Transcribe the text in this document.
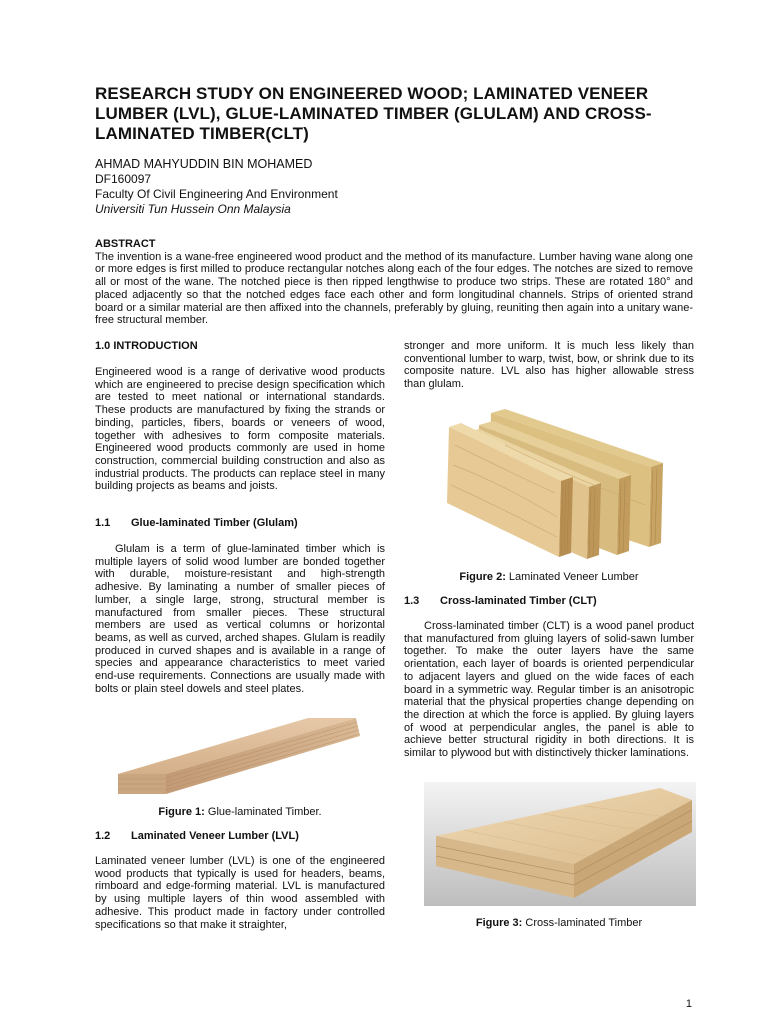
RESEARCH STUDY ON ENGINEERED WOOD; LAMINATED VENEER LUMBER (LVL), GLUE-LAMINATED TIMBER (GLULAM) AND CROSS-LAMINATED TIMBER(CLT)
AHMAD MAHYUDDIN BIN MOHAMED
DF160097
Faculty Of Civil Engineering And Environment
Universiti Tun Hussein Onn Malaysia
ABSTRACT

The invention is a wane-free engineered wood product and the method of its manufacture. Lumber having wane along one or more edges is first milled to produce rectangular notches along each of the four edges. The notches are sized to remove all or most of the wane. The notched piece is then ripped lengthwise to produce two strips. These are rotated 180° and placed adjacently so that the notched edges face each other and form longitudinal channels. Strips of oriented strand board or a similar material are then affixed into the channels, preferably by gluing, reuniting then again into a unitary wane-free structural member.

1.0 INTRODUCTION

Engineered wood is a range of derivative wood products which are engineered to precise design specification which are tested to meet national or international standards. These products are manufactured by fixing the strands or binding, particles, fibers, boards or veneers of wood, together with adhesives to form composite materials. Engineered wood products commonly are used in home construction, commercial building construction and also as industrial products. The products can replace steel in many building projects as beams and joists.

1.1 Glue-laminated Timber (Glulam)

Glulam is a term of glue-laminated timber which is multiple layers of solid wood lumber are bonded together with durable, moisture-resistant and high-strength adhesive. By laminating a number of smaller pieces of lumber, a single large, strong, structural member is manufactured from smaller pieces. These structural members are used as vertical columns or horizontal beams, as well as curved, arched shapes. Glulam is readily produced in curved shapes and is available in a range of species and appearance characteristics to meet varied end-use requirements. Connections are usually made with bolts or plain steel dowels and steel plates.

Figure 1: Glue-laminated Timber.
1.2 Laminated Veneer Lumber (LVL)

Laminated veneer lumber (LVL) is one of the engineered wood products that typically is used for headers, beams, rimboard and edge-forming material. LVL is manufactured by using multiple layers of thin wood assembled with adhesive. This product made in factory under controlled specifications so that make it straighter,

stronger and more uniform. It is much less likely than conventional lumber to warp, twist, bow, or shrink due to its composite nature. LVL also has higher allowable stress than glulam.

Figure 2: Laminated Veneer Lumber
1.3 Cross-laminated Timber (CLT)

Cross-laminated timber (CLT) is a wood panel product that manufactured from gluing layers of solid-sawn lumber together. To make the outer layers have the same orientation, each layer of boards is oriented perpendicular to adjacent layers and glued on the wide faces of each board in a symmetric way. Regular timber is an anisotropic material that the physical properties change depending on the direction at which the force is applied. By gluing layers of wood at perpendicular angles, the panel is able to achieve better structural rigidity in both directions. It is similar to plywood but with distinctively thicker laminations.

Figure 3: Cross-laminated Timber
1
